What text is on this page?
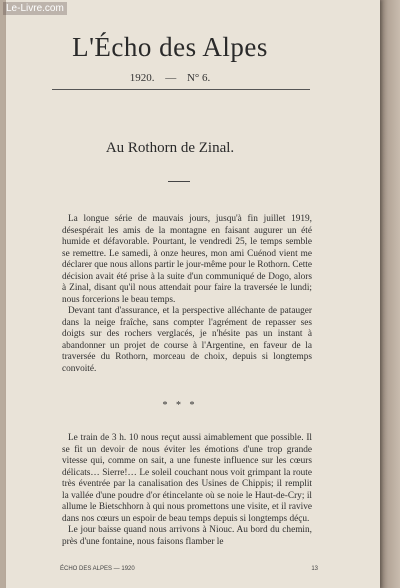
Le-Livre.com
L'Écho des Alpes
1920. — N° 6.
Au Rothorn de Zinal.

La longue série de mauvais jours, jusqu'à fin juillet 1919, désespérait les amis de la montagne en faisant augurer un été humide et défavorable. Pourtant, le vendredi 25, le temps semble se remettre. Le samedi, à onze heures, mon ami Cuénod vient me déclarer que nous allons partir le jour-même pour le Rothorn. Cette décision avait été prise à la suite d'un communiqué de Dogo, alors à Zinal, disant qu'il nous attendait pour faire la traversée le lundi; nous forcerions le beau temps.

Devant tant d'assurance, et la perspective alléchante de patauger dans la neige fraîche, sans compter l'agrément de repasser ses doigts sur des rochers verglacés, je n'hésite pas un instant à abandonner un projet de course à l'Argentine, en faveur de la traversée du Rothorn, morceau de choix, depuis si longtemps convoité.

* * *

Le train de 3 h. 10 nous reçut aussi aimablement que possible. Il se fit un devoir de nous éviter les émotions d'une trop grande vitesse qui, comme on sait, a une funeste influence sur les cœurs délicats… Sierre!… Le soleil couchant nous voit grimpant la route très éventrée par la canalisation des Usines de Chippis; il remplit la vallée d'une poudre d'or étincelante où se noie le Haut-de-Cry; il allume le Bietschhorn à qui nous promettons une visite, et il ravive dans nos cœurs un espoir de beau temps depuis si longtemps déçu.

Le jour baisse quand nous arrivons à Niouc. Au bord du chemin, près d'une fontaine, nous faisons flamber le

ÉCHO DES ALPES — 1920	13
